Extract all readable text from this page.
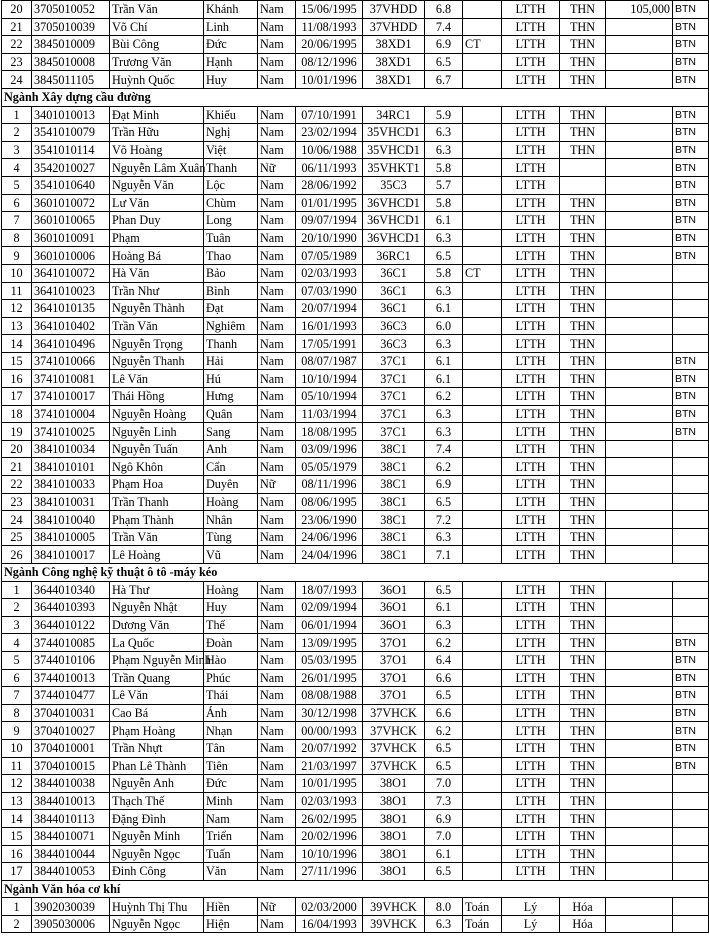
20	3705010052	Trần Văn	Khánh	Nam	15/06/1995	37VHDD	6.8		LTTH	THN	105,000	BTN
21	3705010039	Võ Chí	Linh	Nam	11/08/1993	37VHDD	7.4		LTTH	THN		BTN
22	3845010009	Bùi Công	Đức	Nam	20/06/1995	38XD1	6.9	CT	LTTH	THN		BTN
23	3845010008	Trương Văn	Hạnh	Nam	08/12/1996	38XD1	6.5		LTTH	THN		BTN
24	3845011105	Huỳnh Quốc	Huy	Nam	10/01/1996	38XD1	6.7		LTTH	THN		BTN
Ngành Xây dựng cầu đường												
1	3401010013	Đạt Minh	Khiếu	Nam	07/10/1991	34RC1	5.9		LTTH	THN		BTN
2	3541010079	Trần Hữu	Nghị	Nam	23/02/1994	35VHCD1	6.3		LTTH	THN		BTN
3	3541010114	Võ Hoàng	Việt	Nam	10/06/1988	35VHCD1	6.3		LTTH	THN		BTN
4	3542010027	Nguyễn Lâm Xuân	Thanh	Nữ	06/11/1993	35VHKT1	5.8		LTTH			BTN
5	3541010640	Nguyễn Văn	Lộc	Nam	28/06/1992	35C3	5.7		LTTH			BTN
6	3601010072	Lư Văn	Chùm	Nam	01/01/1995	36VHCD1	5.8		LTTH	THN		BTN
7	3601010065	Phan Duy	Long	Nam	09/07/1994	36VHCD1	6.1		LTTH	THN		BTN
8	3601010091	Phạm	Tuân	Nam	20/10/1990	36VHCD1	6.3		LTTH	THN		BTN
9	3601010006	Hoàng Bá	Thao	Nam	07/05/1989	36RC1	6.5		LTTH	THN		BTN
10	3641010072	Hà Văn	Bảo	Nam	02/03/1993	36C1	5.8	CT	LTTH	THN		
11	3641010023	Trần Như	Bình	Nam	07/03/1990	36C1	6.3		LTTH	THN		
12	3641010135	Nguyễn Thành	Đạt	Nam	20/07/1994	36C1	6.1		LTTH	THN		
13	3641010402	Trần Văn	Nghiêm	Nam	16/01/1993	36C3	6.0		LTTH	THN		
14	3641010496	Nguyễn Trọng	Thanh	Nam	17/05/1991	36C3	6.3		LTTH	THN		
15	3741010066	Nguyễn Thanh	Hải	Nam	08/07/1987	37C1	6.1		LTTH	THN		BTN
16	3741010081	Lê Văn	Hú	Nam	10/10/1994	37C1	6.1		LTTH	THN		BTN
17	3741010017	Thái Hồng	Hưng	Nam	05/10/1994	37C1	6.2		LTTH	THN		BTN
18	3741010004	Nguyễn Hoàng	Quân	Nam	11/03/1994	37C1	6.3		LTTH	THN		BTN
19	3741010025	Nguyễn Linh	Sang	Nam	18/08/1995	37C1	6.3		LTTH	THN		BTN
20	3841010034	Nguyễn Tuấn	Anh	Nam	03/09/1996	38C1	7.4		LTTH	THN		
21	3841010101	Ngô Khôn	Cẩn	Nam	05/05/1979	38C1	6.2		LTTH	THN		
22	3841010033	Phạm Hoa	Duyên	Nữ	08/11/1996	38C1	6.9		LTTH	THN		
23	3841010031	Trần Thanh	Hoàng	Nam	08/06/1995	38C1	6.5		LTTH	THN		
24	3841010040	Phạm Thành	Nhân	Nam	23/06/1990	38C1	7.2		LTTH	THN		
25	3841010005	Trần Văn	Tùng	Nam	24/06/1996	38C1	6.3		LTTH	THN		
26	3841010017	Lê Hoàng	Vũ	Nam	24/04/1996	38C1	7.1		LTTH	THN		
Ngành Công nghệ kỹ thuật ô tô -máy kéo												
1	3644010340	Hà Thư	Hoàng	Nam	18/07/1993	36O1	6.5		LTTH	THN		
2	3644010393	Nguyễn Nhật	Huy	Nam	02/09/1994	36O1	6.1		LTTH	THN		
3	3644010122	Dương Văn	Thế	Nam	06/01/1994	36O1	6.3		LTTH	THN		
4	3744010085	La Quốc	Đoàn	Nam	13/09/1995	37O1	6.2		LTTH	THN		BTN
5	3744010106	Phạm Nguyễn Minh	Hào	Nam	05/03/1995	37O1	6.4		LTTH	THN		BTN
6	3744010013	Trần Quang	Phúc	Nam	26/01/1995	37O1	6.6		LTTH	THN		BTN
7	3744010477	Lê Văn	Thái	Nam	08/08/1988	37O1	6.5		LTTH	THN		BTN
8	3704010031	Cao Bá	Ánh	Nam	30/12/1998	37VHCK	6.6		LTTH	THN		BTN
9	3704010027	Phạm Hoàng	Nhạn	Nam	00/00/1993	37VHCK	6.2		LTTH	THN		BTN
10	3704010001	Trần Nhựt	Tân	Nam	20/07/1992	37VHCK	6.5		LTTH	THN		BTN
11	3704010015	Phan Lê Thành	Tiên	Nam	21/03/1997	37VHCK	6.5		LTTH	THN		BTN
12	3844010038	Nguyễn Anh	Đức	Nam	10/01/1995	38O1	7.0		LTTH	THN		
13	3844010013	Thạch Thế	Minh	Nam	02/03/1993	38O1	7.3		LTTH	THN		
14	3844010113	Đặng Đình	Nam	Nam	26/02/1995	38O1	6.9		LTTH	THN		
15	3844010071	Nguyễn Minh	Triển	Nam	20/02/1996	38O1	7.0		LTTH	THN		
16	3844010044	Nguyễn Ngọc	Tuấn	Nam	10/10/1996	38O1	6.1		LTTH	THN		
17	3844010053	Đinh Công	Văn	Nam	27/11/1996	38O1	6.5		LTTH	THN		
Ngành Văn hóa cơ khí												
1	3902030039	Huỳnh Thị Thu	Hiền	Nữ	02/03/2000	39VHCK	8.0	Toán	Lý	Hóa		
2	3905030006	Nguyễn Ngọc	Hiện	Nam	16/04/1993	39VHCK	6.3	Toán	Lý	Hóa		
